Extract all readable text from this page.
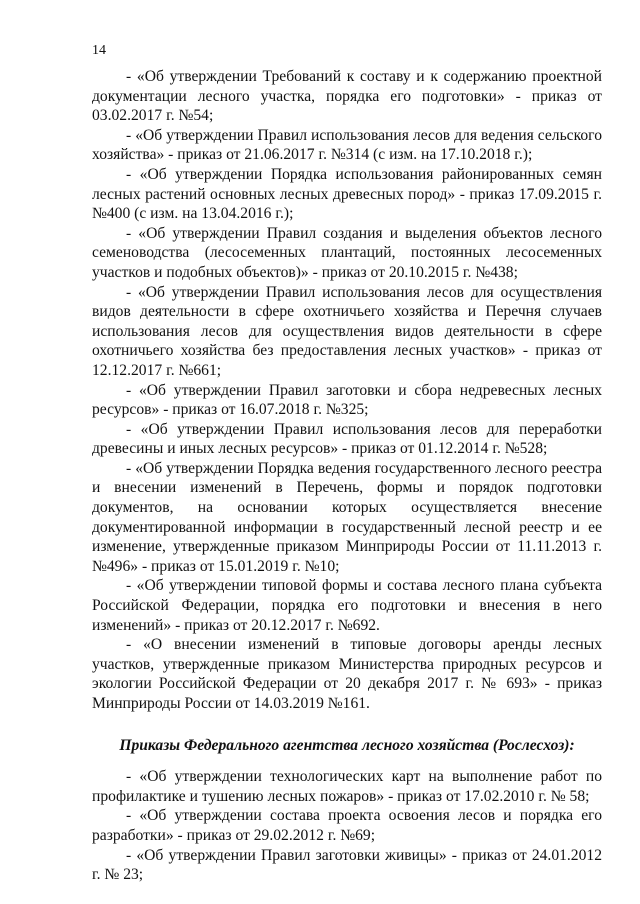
14

- «Об утверждении Требований к составу и к содержанию проектной документации лесного участка, порядка его подготовки» - приказ от 03.02.2017 г. №54;

- «Об утверждении Правил использования лесов для ведения сельского хозяйства» - приказ от 21.06.2017 г. №314 (с изм. на 17.10.2018 г.);

- «Об утверждении Порядка использования районированных семян лесных растений основных лесных древесных пород» - приказ 17.09.2015 г. №400 (с изм. на 13.04.2016 г.);

- «Об утверждении Правил создания и выделения объектов лесного семеноводства (лесосеменных плантаций, постоянных лесосеменных участков и подобных объектов)» - приказ от 20.10.2015 г. №438;

- «Об утверждении Правил использования лесов для осуществления видов деятельности в сфере охотничьего хозяйства и Перечня случаев использования лесов для осуществления видов деятельности в сфере охотничьего хозяйства без предоставления лесных участков» - приказ от 12.12.2017 г. №661;

- «Об утверждении Правил заготовки и сбора недревесных лесных ресурсов» - приказ от 16.07.2018 г. №325;

- «Об утверждении Правил использования лесов для переработки древесины и иных лесных ресурсов» - приказ от 01.12.2014 г. №528;

- «Об утверждении Порядка ведения государственного лесного реестра и внесении изменений в Перечень, формы и порядок подготовки документов, на основании которых осуществляется внесение документированной информации в государственный лесной реестр и ее изменение, утвержденные приказом Минприроды России от 11.11.2013 г. №496» - приказ от 15.01.2019 г. №10;

- «Об утверждении типовой формы и состава лесного плана субъекта Российской Федерации, порядка его подготовки и внесения в него изменений» - приказ от 20.12.2017 г. №692.

- «О внесении изменений в типовые договоры аренды лесных участков, утвержденные приказом Министерства природных ресурсов и экологии Российской Федерации от 20 декабря 2017 г. № 693» - приказ Минприроды России от 14.03.2019 №161.

Приказы Федерального агентства лесного хозяйства (Рослесхоз):

- «Об утверждении технологических карт на выполнение работ по профилактике и тушению лесных пожаров» - приказ от 17.02.2010 г. № 58;

- «Об утверждении состава проекта освоения лесов и порядка его разработки» - приказ от 29.02.2012 г. №69;

- «Об утверждении Правил заготовки живицы» - приказ от 24.01.2012 г. № 23;
